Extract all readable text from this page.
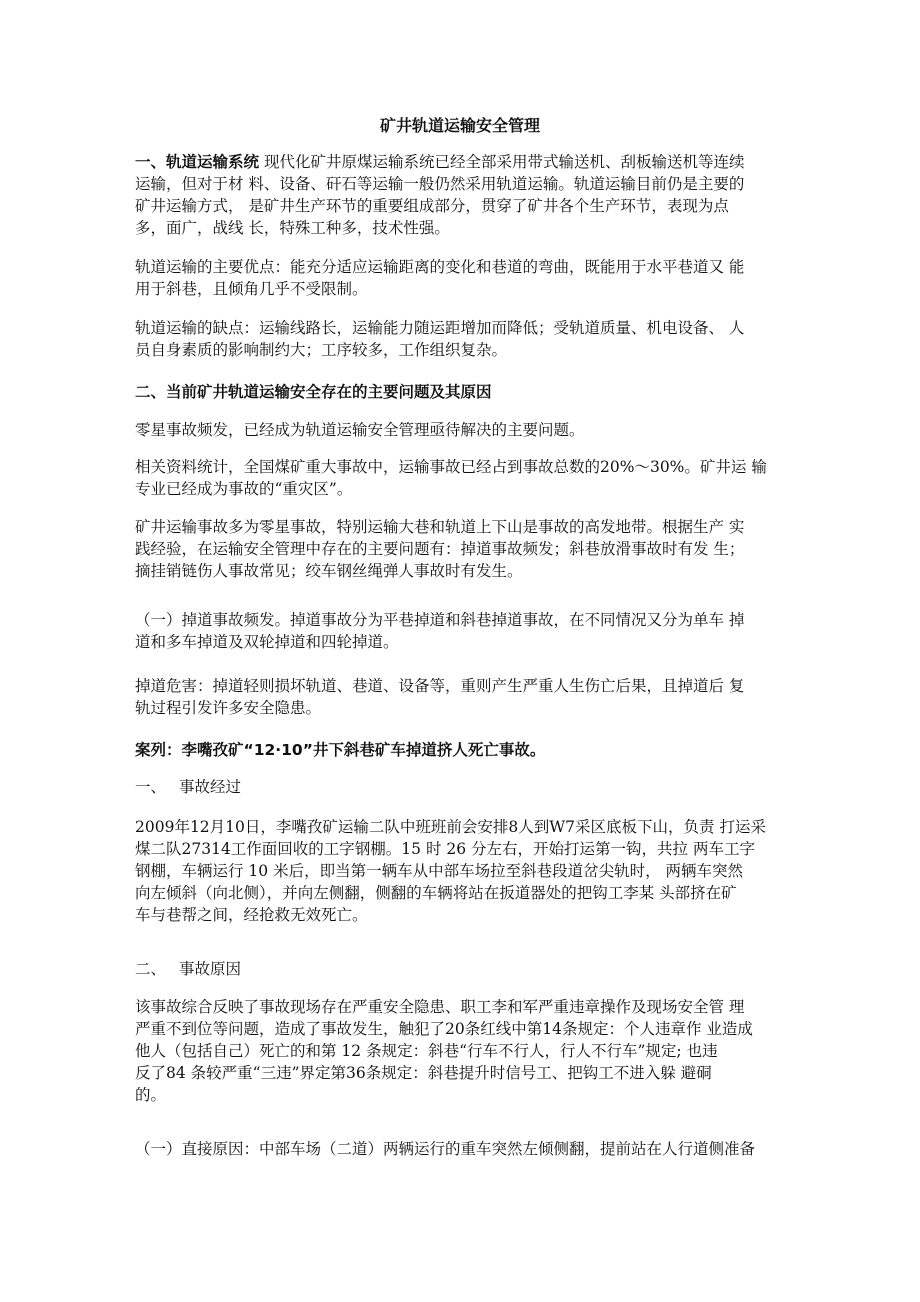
矿井轨道运输安全管理
一、轨道运输系统 现代化矿井原煤运输系统已经全部采用带式输送机、刮板输送机等连续
运输，但对于材 料、设备、矸石等运输一般仍然采用轨道运输。轨道运输目前仍是主要的
矿井运输方式， 是矿井生产环节的重要组成部分，贯穿了矿井各个生产环节，表现为点
多，面广，战线 长，特殊工种多，技术性强。
轨道运输的主要优点：能充分适应运输距离的变化和巷道的弯曲，既能用于水平巷道又 能
用于斜巷，且倾角几乎不受限制。
轨道运输的缺点：运输线路长，运输能力随运距增加而降低；受轨道质量、机电设备、 人
员自身素质的影响制约大；工序较多，工作组织复杂。
二、当前矿井轨道运输安全存在的主要问题及其原因
零星事故频发，已经成为轨道运输安全管理亟待解决的主要问题。
相关资料统计，全国煤矿重大事故中，运输事故已经占到事故总数的20%〜30%。矿井运 输
专业已经成为事故的“重灾区”。
矿井运输事故多为零星事故，特别运输大巷和轨道上下山是事故的高发地带。根据生产 实
践经验，在运输安全管理中存在的主要问题有：掉道事故频发；斜巷放滑事故时有发 生；
摘挂销链伤人事故常见；绞车钢丝绳弹人事故时有发生。
（一）掉道事故频发。掉道事故分为平巷掉道和斜巷掉道事故，在不同情况又分为单车 掉
道和多车掉道及双轮掉道和四轮掉道。
掉道危害：掉道轻则损坏轨道、巷道、设备等，重则产生严重人生伤亡后果，且掉道后 复
轨过程引发许多安全隐患。
案列：李嘴孜矿“12·10”井下斜巷矿车掉道挤人死亡事故。
一、 事故经过
2009年12月10日，李嘴孜矿运输二队中班班前会安排8人到W7采区底板下山，负责 打运采
煤二队27314工作面回收的工字钢棚。15 时 26 分左右，开始打运第一钩，共拉 两车工字
钢棚，车辆运行 10 米后，即当第一辆车从中部车场拉至斜巷段道岔尖轨时， 两辆车突然
向左倾斜（向北侧），并向左侧翻，侧翻的车辆将站在扳道器处的把钩工李某 头部挤在矿
车与巷帮之间，经抢救无效死亡。
二、 事故原因
该事故综合反映了事故现场存在严重安全隐患、职工李和军严重违章操作及现场安全管 理
严重不到位等问题，造成了事故发生，触犯了20条红线中第14条规定：个人违章作 业造成
他人（包括自己）死亡的和第 12 条规定：斜巷“行车不行人，行人不行车”规定; 也违
反了84 条较严重“三违”界定第36条规定：斜巷提升时信号工、把钩工不进入躲 避硐
的。
（一）直接原因：中部车场（二道）两辆运行的重车突然左倾侧翻，提前站在人行道侧准备
